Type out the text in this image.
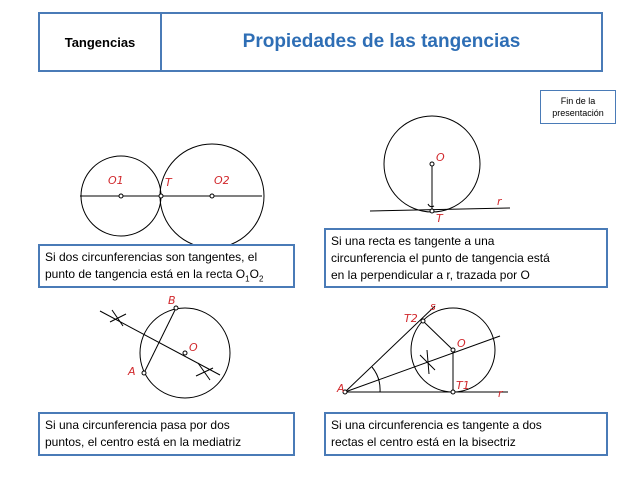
Tangencias	Propiedades de las tangencias
Fin de la
presentación
O1	T	O2
O
r
T
A
B
O
A
s
T2
O
T1
r
Si dos circunferencias son tangentes, el
punto de tangencia está en la recta $O_1O_2$
Si una recta es tangente a una
circunferencia el punto de tangencia está
en la perpendicular a r, trazada por O
Si una circunferencia pasa por dos
puntos, el centro está en la mediatriz
Si una circunferencia es tangente a dos
rectas el centro está en la bisectriz
